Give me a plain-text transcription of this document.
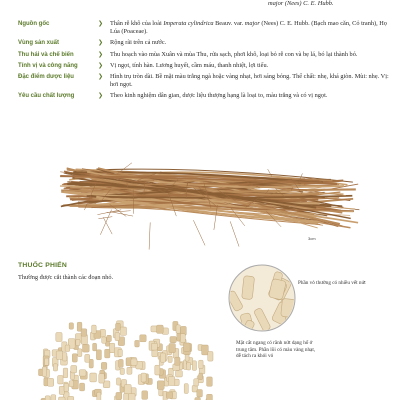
major (Nees) C. E. Hubb.
Nguồn gốc	❯	Thân rễ khô của loài Imperata cylindrica Beauv. var. major (Nees) C. E. Hubb. (Bạch mao căn, Cỏ tranh), Họ Lúa (Poaceae).
Vùng sản xuất	❯	Rộng rãi trên cả nước.
Thu hái và chế biến	❯	Thu hoạch vào mùa Xuân và mùa Thu, rửa sạch, phơi khô, loại bỏ rễ con và bẹ lá, bó lại thành bó.
Tính vị và công năng	❯	Vị ngọt, tính hàn. Lương huyết, cầm máu, thanh nhiệt, lợi tiểu.
Đặc điểm dược liệu	❯	Hình trụ tròn dài. Bề mặt màu trắng ngà hoặc vàng nhạt, hơi sáng bóng. Thể chất: nhẹ, khá giòn. Mùi: nhẹ. Vị: hơi ngọt.
Yêu cầu chất lượng	❯	Theo kinh nghiệm dân gian, dược liệu thượng hạng là loại to, màu trắng và có vị ngọt.
3cm
THUỐC PHIẾN
Thường được cắt thành các đoạn nhỏ.
Phần vỏ thường có nhiều vết nứt
Mặt cắt ngang có rãnh nứt dạng hố ở trung tâm. Phần lõi có màu vàng nhạt, dễ tách ra khỏi vỏ
